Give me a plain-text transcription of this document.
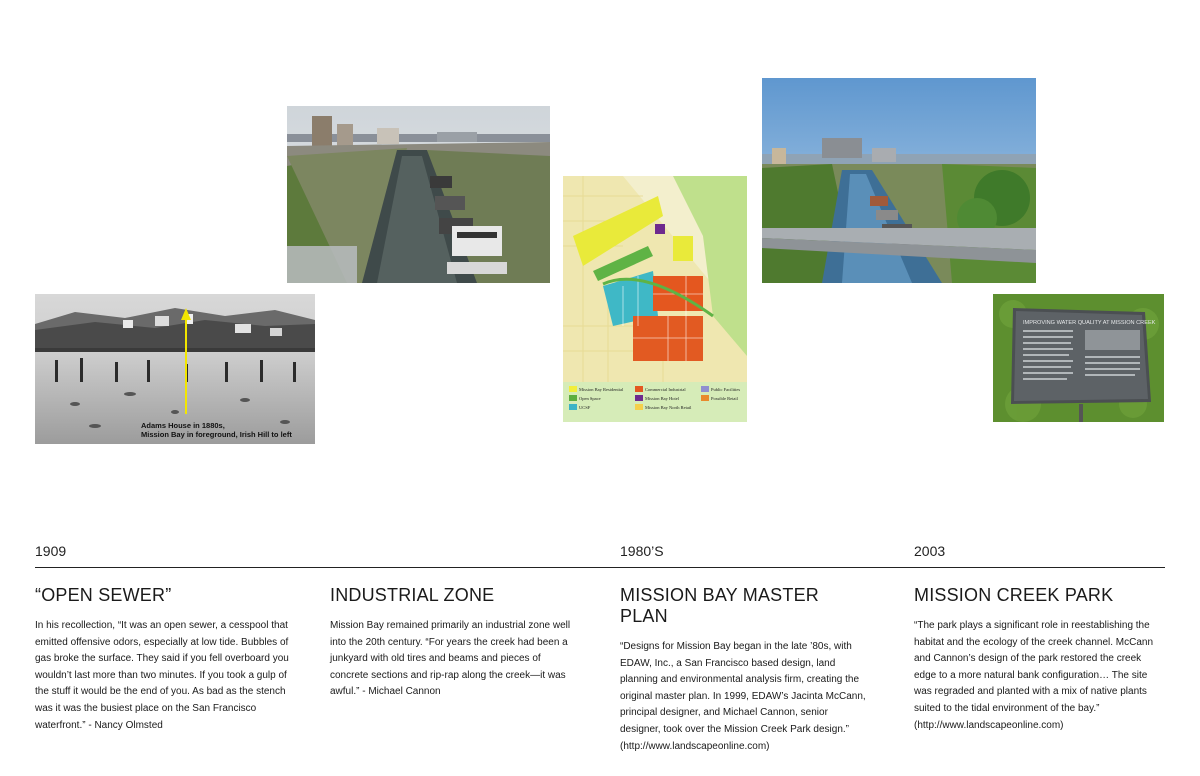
Adams House in 1880s,
Mission Bay in foreground, Irish Hill to left
Mission Bay Residential	Commercial Industrial	Public Facilities
Open Space	Mission Bay Hotel	Possible Retail
UCSF	Mission Bay North Retail
IMPROVING WATER QUALITY AT MISSION CREEK
1909	1980’S	2003
“OPEN SEWER”

In his recollection, “It was an open sewer, a cesspool that emitted offensive odors, especially at low tide. Bubbles of gas broke the surface. They said if you fell overboard you wouldn’t last more than two minutes. If you took a gulp of the stuff it would be the end of you. As bad as the stench was it was the busiest place on the San Francisco waterfront.” - Nancy Olmsted

INDUSTRIAL ZONE

Mission Bay remained primarily an industrial zone well into the 20th century. “For years the creek had been a junkyard with old tires and beams and pieces of concrete sections and rip-rap along the creek—it was awful.” - Michael Cannon

MISSION BAY MASTER PLAN

“Designs for Mission Bay began in the late ’80s, with EDAW, Inc., a San Francisco based design, land planning and environmental analysis firm, creating the original master plan. In 1999, EDAW’s Jacinta McCann, principal designer, and Michael Cannon, senior designer, took over the Mission Creek Park design.” (http://www.landscapeonline.com)

MISSION CREEK PARK

“The park plays a significant role in reestablishing the habitat and the ecology of the creek channel. McCann and Cannon’s design of the park restored the creek edge to a more natural bank configuration… The site was regraded and planted with a mix of native plants suited to the tidal environment of the bay.” (http://www.landscapeonline.com)
